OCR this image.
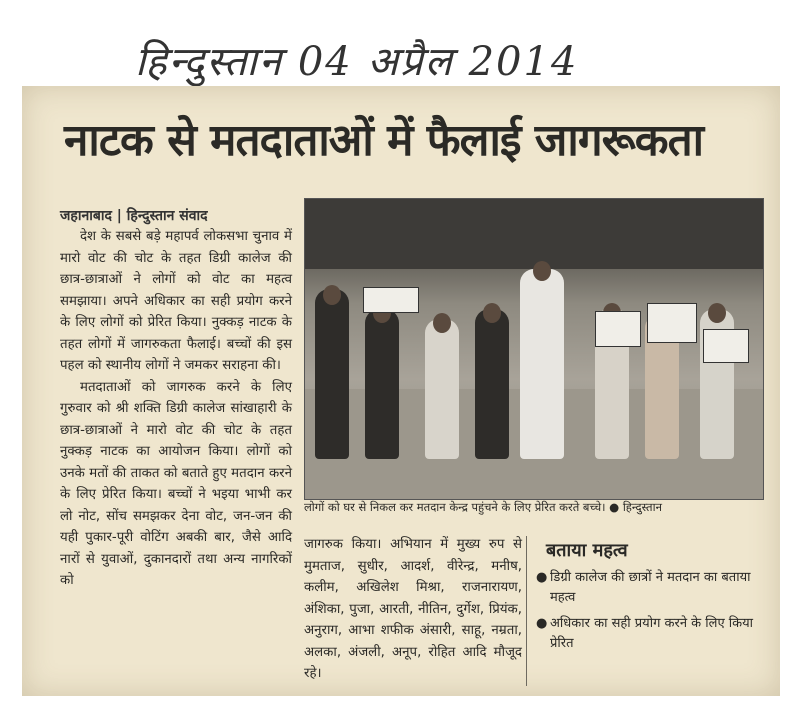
हिन्दुस्तान 04 अप्रैल 2014
नाटक से मतदाताओं में फैलाई जागरूकता
जहानाबाद | हिन्दुस्तान संवाद

देश के सबसे बड़े महापर्व लोकसभा चुनाव में मारो वोट की चोट के तहत डिग्री कालेज की छात्र-छात्राओं ने लोगों को वोट का महत्व समझाया। अपने अधिकार का सही प्रयोग करने के लिए लोगों को प्रेरित किया। नुक्कड़ नाटक के तहत लोगों में जागरुकता फैलाई। बच्चों की इस पहल को स्थानीय लोगों ने जमकर सराहना की।

मतदाताओं को जागरुक करने के लिए गुरुवार को श्री शक्ति डिग्री कालेज सांखाहारी के छात्र-छात्राओं ने मारो वोट की चोट के तहत नुक्कड़ नाटक का आयोजन किया। लोगों को उनके मतों की ताकत को बताते हुए मतदान करने के लिए प्रेरित किया। बच्चों ने भइया भाभी कर लो नोट, सोंच समझकर देना वोट, जन-जन की यही पुकार-पूरी वोटिंग अबकी बार, जैसे आदि नारों से युवाओं, दुकानदारों तथा अन्य नागरिकों को

लोगों को घर से निकल कर मतदान केन्द्र पहुंचने के लिए प्रेरित करते बच्चे। ● हिन्दुस्तान

जागरुक किया। अभियान में मुख्य रुप से मुमताज, सुधीर, आदर्श, वीरेन्द्र, मनीष, कलीम, अखिलेश मिश्रा, राजनारायण, अंशिका, पुजा, आरती, नीतिन, दुर्गेश, प्रियंक, अनुराग, आभा शफीक अंसारी, साहू, नम्रता, अलका, अंजली, अनूप, रोहित आदि मौजूद रहे।

बताया महत्व
● डिग्री कालेज की छात्रों ने मतदान का बताया महत्व
● अधिकार का सही प्रयोग करने के लिए किया प्रेरित
